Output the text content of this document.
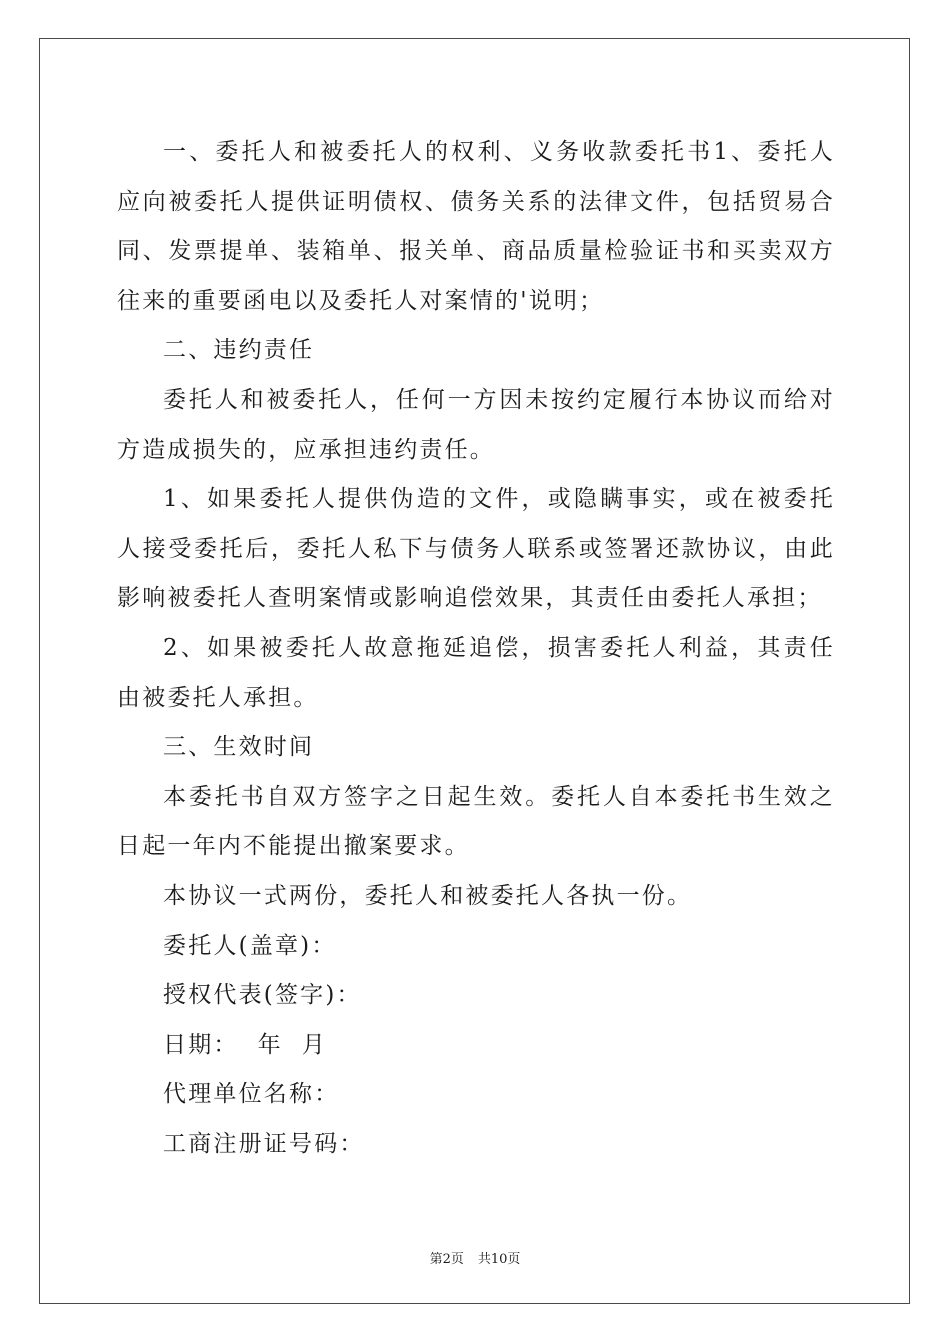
一、委托人和被委托人的权利、义务收款委托书1、委托人应向被委托人提供证明债权、债务关系的法律文件，包括贸易合同、发票提单、装箱单、报关单、商品质量检验证书和买卖双方往来的重要函电以及委托人对案情的'说明；

二、违约责任

委托人和被委托人，任何一方因未按约定履行本协议而给对方造成损失的，应承担违约责任。

1、如果委托人提供伪造的文件，或隐瞒事实，或在被委托人接受委托后，委托人私下与债务人联系或签署还款协议，由此影响被委托人查明案情或影响追偿效果，其责任由委托人承担；

2、如果被委托人故意拖延追偿，损害委托人利益，其责任由被委托人承担。

三、生效时间

本委托书自双方签字之日起生效。委托人自本委托书生效之日起一年内不能提出撤案要求。

本协议一式两份，委托人和被委托人各执一份。

委托人(盖章)：

授权代表(签字)：

日期：  年  月

代理单位名称：

工商注册证号码：

第2页 共10页
